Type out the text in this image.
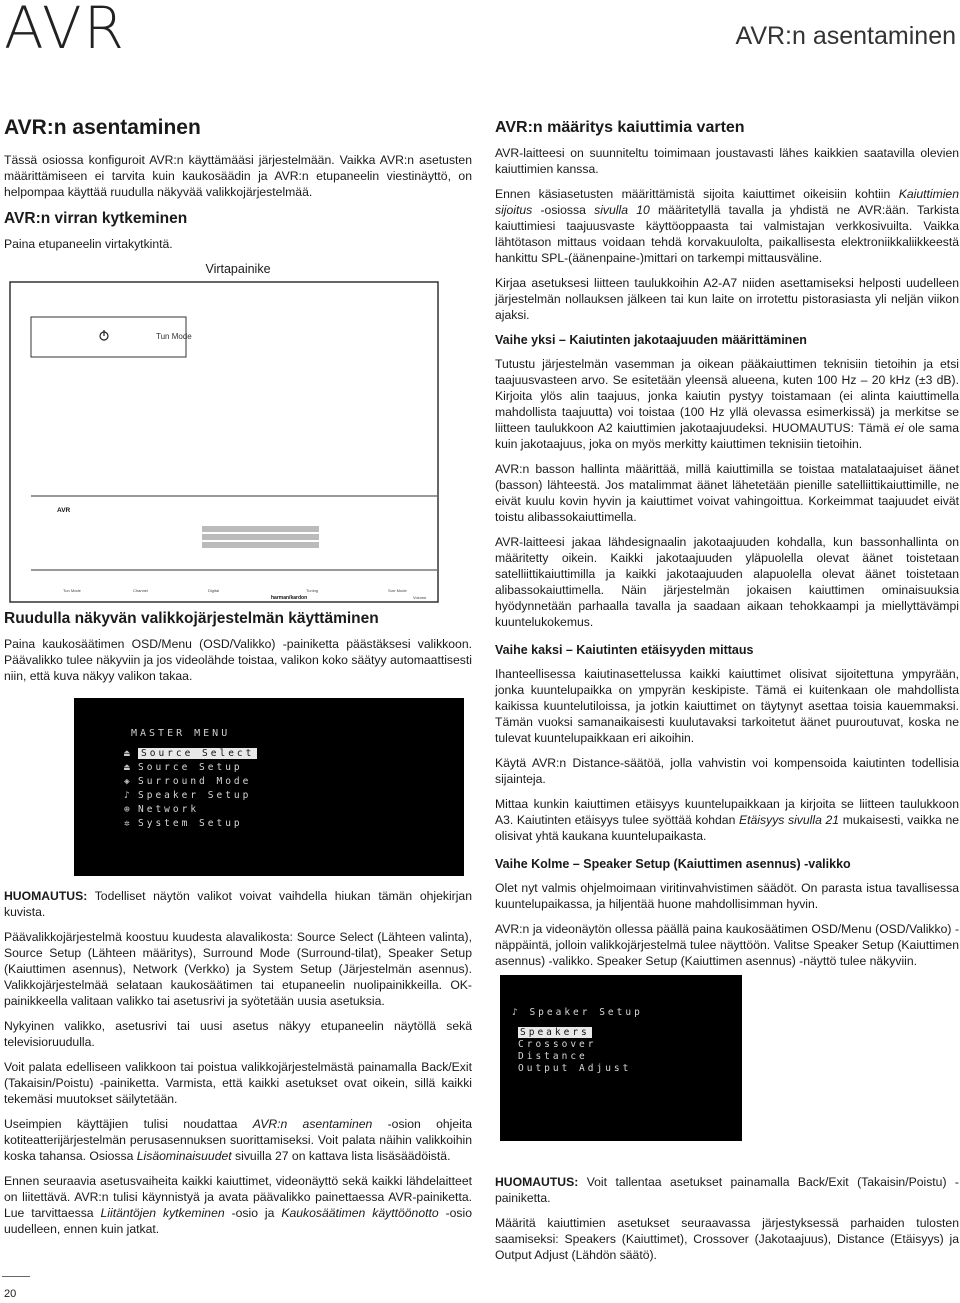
AVR	AVR:n asentaminen
AVR:n asentaminen

Tässä osiossa konfiguroit AVR:n käyttämääsi järjestelmään. Vaikka AVR:n asetusten määrittämiseen ei tarvita kuin kaukosäädin ja AVR:n etupaneelin viestinäyttö, on helpompaa käyttää ruudulla näkyvää valikkojärjestelmää.

AVR:n virran kytkeminen

Paina etupaneelin virtakytkintä.

Virtapainike
Tun Mode
AVR
Tun Mode	Channel	Digital	Tuning	Surr Mode
Volume
harman/kardon
Ruudulla näkyvän valikkojärjestelmän käyttäminen

Paina kaukosäätimen OSD/Menu (OSD/Valikko) -painiketta päästäksesi valikkoon. Päävalikko tulee näkyviin ja jos videolähde toistaa, valikon koko säätyy automaattisesti niin, että kuva näkyy valikon takaa.

MASTER MENU
⏏ Source Select
⏏ Source Setup
◈ Surround Mode
♪ Speaker Setup
⊕ Network
✲ System Setup

HUOMAUTUS: Todelliset näytön valikot voivat vaihdella hiukan tämän ohjekirjan kuvista.

Päävalikkojärjestelmä koostuu kuudesta alavalikosta: Source Select (Lähteen valinta), Source Setup (Lähteen määritys), Surround Mode (Surround-tilat), Speaker Setup (Kaiuttimen asennus), Network (Verkko) ja System Setup (Järjestelmän asennus). Valikkojärjestelmää selataan kaukosäätimen tai etupaneelin nuolipainikkeilla. OK-painikkeella valitaan valikko tai asetusrivi ja syötetään uusia asetuksia.

Nykyinen valikko, asetusrivi tai uusi asetus näkyy etupaneelin näytöllä sekä televisioruudulla.

Voit palata edelliseen valikkoon tai poistua valikkojärjestelmästä painamalla Back/Exit (Takaisin/Poistu) -painiketta. Varmista, että kaikki asetukset ovat oikein, sillä kaikki tekemäsi muutokset säilytetään.

Useimpien käyttäjien tulisi noudattaa AVR:n asentaminen -osion ohjeita kotiteatterijärjestelmän perusasennuksen suorittamiseksi. Voit palata näihin valikkoihin koska tahansa. Osiossa Lisäominaisuudet sivuilla 27 on kattava lista lisäsäädöistä.

Ennen seuraavia asetusvaiheita kaikki kaiuttimet, videonäyttö sekä kaikki lähdelaitteet on liitettävä. AVR:n tulisi käynnistyä ja avata päävalikko painettaessa AVR-painiketta. Lue tarvittaessa Liitäntöjen kytkeminen -osio ja Kaukosäätimen käyttöönotto -osio uudelleen, ennen kuin jatkat.

AVR:n määritys kaiuttimia varten

AVR-laitteesi on suunniteltu toimimaan joustavasti lähes kaikkien saatavilla olevien kaiuttimien kanssa.

Ennen käsiasetusten määrittämistä sijoita kaiuttimet oikeisiin kohtiin Kaiuttimien sijoitus -osiossa sivulla 10 määritetyllä tavalla ja yhdistä ne AVR:ään. Tarkista kaiuttimiesi taajuusvaste käyttöoppaasta tai valmistajan verkkosivuilta. Vaikka lähtötason mittaus voidaan tehdä korvakuulolta, paikallisesta elektroniikkaliikkeestä hankittu SPL-(äänenpaine-)mittari on tarkempi mittausväline.

Kirjaa asetuksesi liitteen taulukkoihin A2-A7 niiden asettamiseksi helposti uudelleen järjestelmän nollauksen jälkeen tai kun laite on irrotettu pistorasiasta yli neljän viikon ajaksi.

Vaihe yksi – Kaiutinten jakotaajuuden määrittäminen

Tutustu järjestelmän vasemman ja oikean pääkaiuttimen teknisiin tietoihin ja etsi taajuusvasteen arvo. Se esitetään yleensä alueena, kuten 100 Hz – 20 kHz (±3 dB). Kirjoita ylös alin taajuus, jonka kaiutin pystyy toistamaan (ei alinta kaiuttimella mahdollista taajuutta) voi toistaa (100 Hz yllä olevassa esimerkissä) ja merkitse se liitteen taulukkoon A2 kaiuttimien jakotaajuudeksi. HUOMAUTUS: Tämä ei ole sama kuin jakotaajuus, joka on myös merkitty kaiuttimen teknisiin tietoihin.

AVR:n basson hallinta määrittää, millä kaiuttimilla se toistaa matalataajuiset äänet (basson) lähteestä. Jos matalimmat äänet lähetetään pienille satelliittikaiuttimille, ne eivät kuulu kovin hyvin ja kaiuttimet voivat vahingoittua. Korkeimmat taajuudet eivät toistu alibassokaiuttimella.

AVR-laitteesi jakaa lähdesignaalin jakotaajuuden kohdalla, kun bassonhallinta on määritetty oikein. Kaikki jakotaajuuden yläpuolella olevat äänet toistetaan satelliittikaiuttimilla ja kaikki jakotaajuuden alapuolella olevat äänet toistetaan alibassokaiuttimella. Näin järjestelmän jokaisen kaiuttimen ominaisuuksia hyödynnetään parhaalla tavalla ja saadaan aikaan tehokkaampi ja miellyttävämpi kuuntelukokemus.

Vaihe kaksi – Kaiutinten etäisyyden mittaus

Ihanteellisessa kaiutinasettelussa kaikki kaiuttimet olisivat sijoitettuna ympyrään, jonka kuuntelupaikka on ympyrän keskipiste. Tämä ei kuitenkaan ole mahdollista kaikissa kuuntelutiloissa, ja jotkin kaiuttimet on täytynyt asettaa toisia kauemmaksi. Tämän vuoksi samanaikaisesti kuulutavaksi tarkoitetut äänet puuroutuvat, koska ne tulevat kuuntelupaikkaan eri aikoihin.

Käytä AVR:n Distance-säätöä, jolla vahvistin voi kompensoida kaiutinten todellisia sijainteja.

Mittaa kunkin kaiuttimen etäisyys kuuntelupaikkaan ja kirjoita se liitteen taulukkoon A3. Kaiutinten etäisyys tulee syöttää kohdan Etäisyys sivulla 21 mukaisesti, vaikka ne olisivat yhtä kaukana kuuntelupaikasta.

Vaihe Kolme – Speaker Setup (Kaiuttimen asennus) -valikko

Olet nyt valmis ohjelmoimaan viritinvahvistimen säädöt. On parasta istua tavallisessa kuuntelupaikassa, ja hiljentää huone mahdollisimman hyvin.

AVR:n ja videonäytön ollessa päällä paina kaukosäätimen OSD/Menu (OSD/Valikko) -näppäintä, jolloin valikkojärjestelmä tulee näyttöön. Valitse Speaker Setup (Kaiuttimen asennus) -valikko. Speaker Setup (Kaiuttimen asennus) -näyttö tulee näkyviin.

HUOMAUTUS: Voit tallentaa asetukset painamalla Back/Exit (Takaisin/Poistu) -painiketta.

Määritä kaiuttimien asetukset seuraavassa järjestyksessä parhaiden tulosten saamiseksi: Speakers (Kaiuttimet), Crossover (Jakotaajuus), Distance (Etäisyys) ja Output Adjust (Lähdön säätö).

♪ Speaker Setup
Speakers
Crossover
Distance
Output Adjust
20
